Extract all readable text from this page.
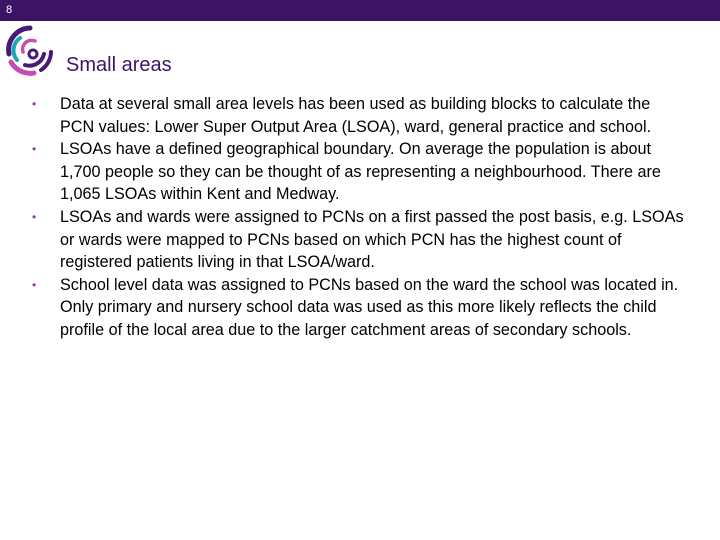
8
Small areas
•	Data at several small area levels has been used as building blocks to calculate the PCN values: Lower Super Output Area (LSOA), ward, general practice and school.
•	LSOAs have a defined geographical boundary. On average the population is about 1,700 people so they can be thought of as representing a neighbourhood. There are 1,065 LSOAs within Kent and Medway.
•	LSOAs and wards were assigned to PCNs on a first passed the post basis, e.g. LSOAs or wards were mapped to PCNs based on which PCN has the highest count of registered patients living in that LSOA/ward.
•	School level data was assigned to PCNs based on the ward the school was located in. Only primary and nursery school data was used as this more likely reflects the child profile of the local area due to the larger catchment areas of secondary schools.
